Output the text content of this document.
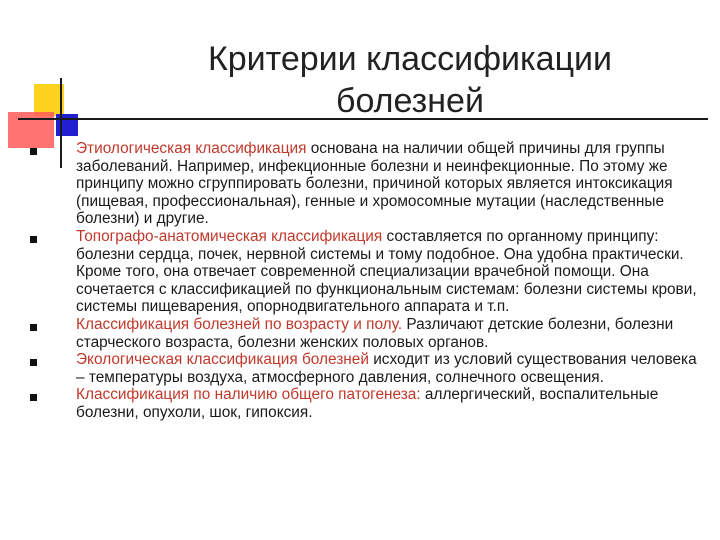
Критерии классификации болезней
Этиологическая классификация основана на наличии общей причины для группы заболеваний. Например, инфекционные болезни и неинфекционные. По этому же принципу можно сгруппировать болезни, причиной которых является интоксикация (пищевая, профессиональная), генные и хромосомные мутации (наследственные болезни) и другие.
Топографо-анатомическая классификация составляется по органному принципу: болезни сердца, почек, нервной системы и тому подобное. Она удобна практически. Кроме того, она отвечает современной специализации врачебной помощи. Она сочетается с классификацией по функциональным системам: болезни системы крови, системы пищеварения, опорнодвигательного аппарата и т.п.
Классификация болезней по возрасту и полу. Различают детские болезни, болезни старческого возраста, болезни женских половых органов.
Экологическая классификация болезней исходит из условий существования человека – температуры воздуха, атмосферного давления, солнечного освещения.
Классификация по наличию общего патогенеза: аллергический, воспалительные болезни, опухоли, шок, гипоксия.
